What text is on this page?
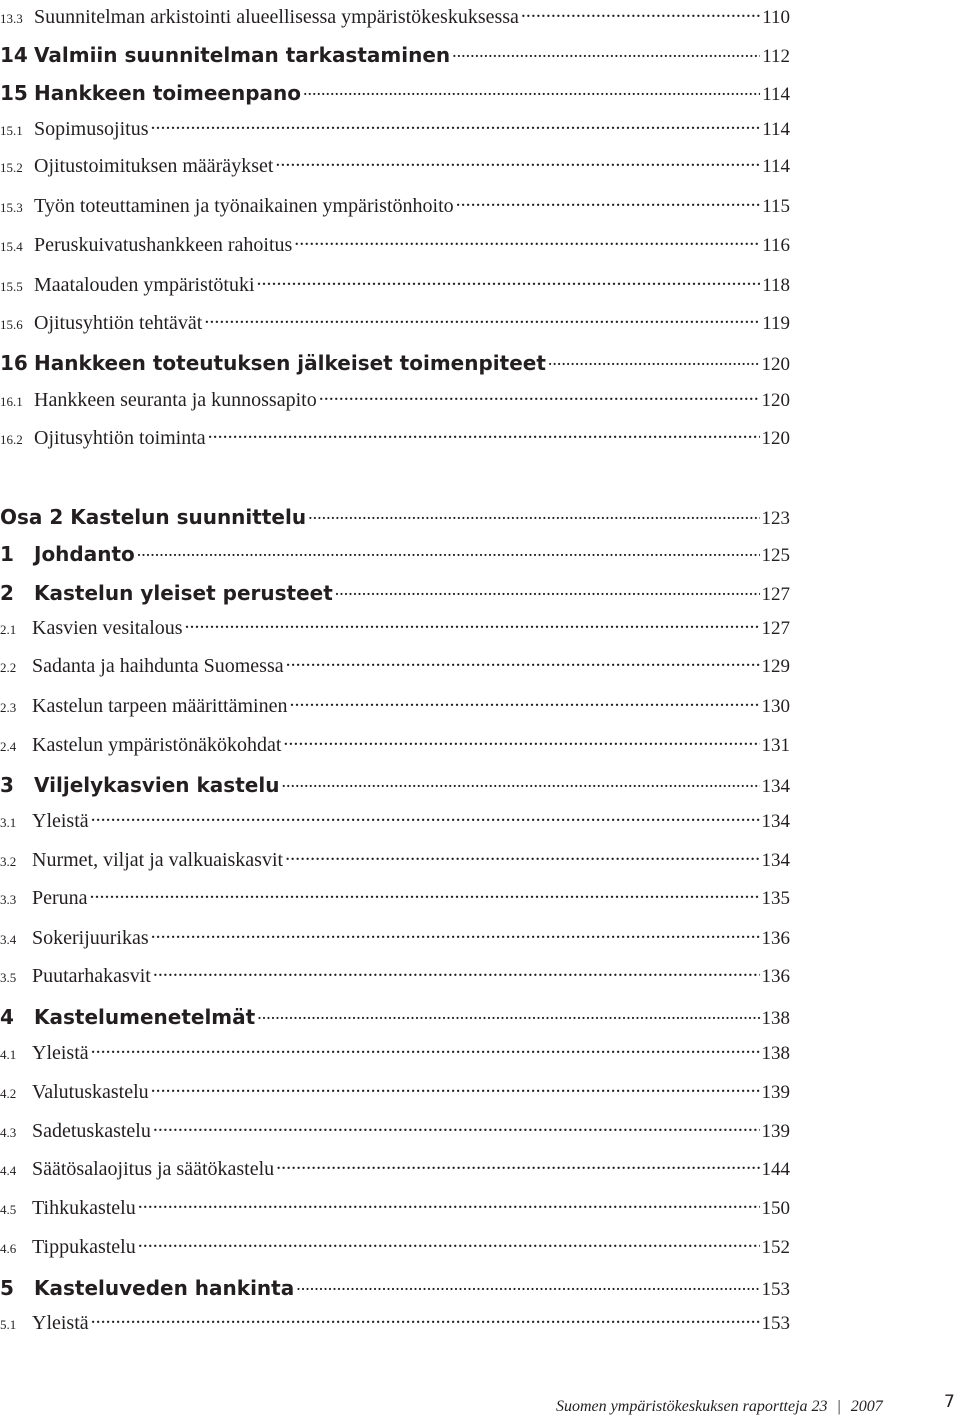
13.3 Suunnitelman arkistointi alueellisessa ympäristökeskuksessa .....	110
14 Valmiin suunnitelman tarkastaminen .....	112
15 Hankkeen toimeenpano .....	114
15.1 Sopimusojitus .....	114
15.2 Ojitustoimituksen määräykset .....	114
15.3 Työn toteuttaminen ja työnaikainen ympäristönhoito .....	115
15.4 Peruskuivatushankkeen rahoitus .....	116
15.5 Maatalouden ympäristötuki .....	118
15.6 Ojitusyhtiön tehtävät .....	119
16 Hankkeen toteutuksen jälkeiset toimenpiteet .....	120
16.1 Hankkeen seuranta ja kunnossapito .....	120
16.2 Ojitusyhtiön toiminta .....	120
Osa 2 Kastelun suunnittelu .....	123
1	Johdanto .....	125
2	Kastelun yleiset perusteet .....	127
2.1 Kasvien vesitalous .....	127
2.2 Sadanta ja haihdunta Suomessa .....	129
2.3 Kastelun tarpeen määrittäminen .....	130
2.4 Kastelun ympäristönäkökohdat .....	131
3	Viljelykasvien kastelu .....	134
3.1 Yleistä .....	134
3.2 Nurmet, viljat ja valkuaiskasvit .....	134
3.3 Peruna .....	135
3.4 Sokerijuurikas .....	136
3.5 Puutarhakasvit .....	136
4	Kastelumenetelmät .....	138
4.1 Yleistä .....	138
4.2 Valutuskastelu .....	139
4.3 Sadetuskastelu .....	139
4.4 Säätösalaojitus ja säätökastelu .....	144
4.5 Tihkukastelu .....	150
4.6 Tippukastelu .....	152
5	Kasteluveden hankinta .....	153
5.1 Yleistä .....	153
Suomen ympäristökeskuksen raportteja 23 | 2007	7
